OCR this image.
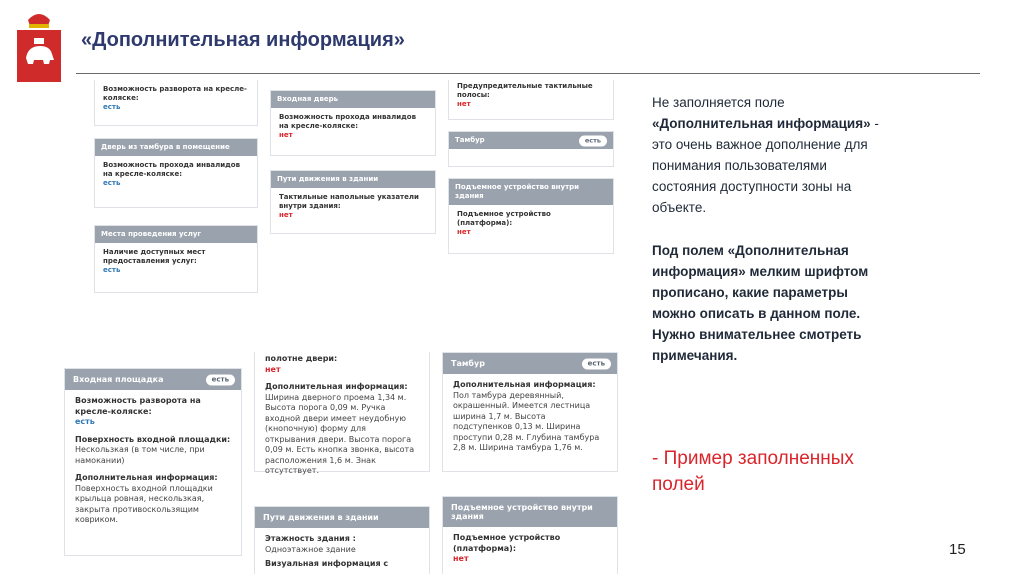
«Дополнительная информация»
Возможность разворота на кресле-коляске:
есть
Дверь из тамбура в помещение
Возможность прохода инвалидов на кресле-коляске:
есть
Места проведения услуг
Наличие доступных мест предоставления услуг:
есть
Входная дверь
Возможность прохода инвалидов на кресле-коляске:
нет
Пути движения в здании
Тактильные напольные указатели внутри здания:
нет
Предупредительные тактильные полосы:
нет
Тамбур	есть
Подъемное устройство внутри здания
Подъемное устройство (платформа):
нет
Входная площадка	есть
Возможность разворота на кресле-коляске:
есть
Поверхность входной площадки:
Нескользкая (в том числе, при намокании)
Дополнительная информация:
Поверхность входной площадки крыльца ровная, нескользкая, закрыта противоскользящим ковриком.
полотне двери:
нет
Дополнительная информация:
Ширина дверного проема 1,34 м. Высота порога 0,09 м. Ручка входной двери имеет неудобную (кнопочную) форму для открывания двери. Высота порога 0,09 м. Есть кнопка звонка, высота расположения 1,6 м. Знак отсутствует.
Тамбур	есть
Дополнительная информация:
Пол тамбура деревянный, окрашенный. Имеется лестница ширина 1,7 м. Высота подступенков 0,13 м. Ширина проступи 0,28 м. Глубина тамбура 2,8 м. Ширина тамбура 1,76 м.
Пути движения в здании
Этажность здания :
Одноэтажное здание
Визуальная информация с
Подъемное устройство внутри здания
Подъемное устройство (платформа):
нет

Не заполняется поле
«Дополнительная информация» - это очень важное дополнение для понимания пользователями состояния доступности зоны на объекте.

Под полем «Дополнительная информация» мелким шрифтом прописано, какие параметры можно описать в данном поле. Нужно внимательнее смотреть примечания.

- Пример заполненных полей
15
